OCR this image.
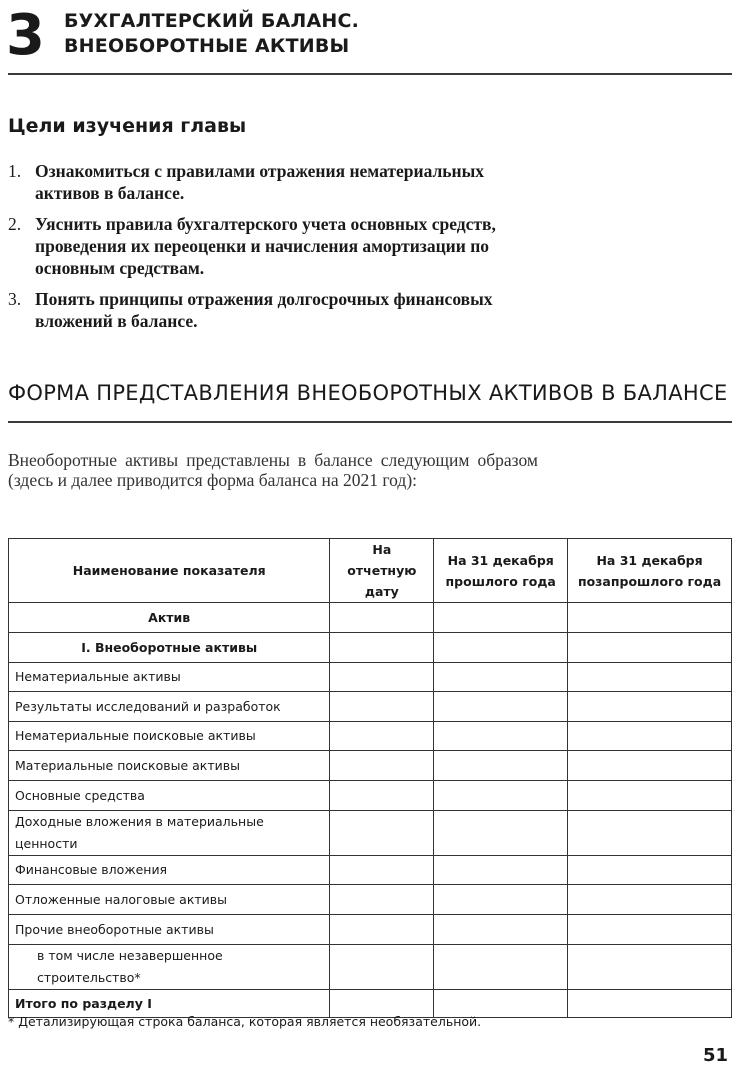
3 БУХГАЛТЕРСКИЙ БАЛАНС.
ВНЕОБОРОТНЫЕ АКТИВЫ
Цели изучения главы
1. Ознакомиться с правилами отражения нематериальных активов в балансе.
2. Уяснить правила бухгалтерского учета основных средств, проведения их переоценки и начисления амортизации по основным средствам.
3. Понять принципы отражения долгосрочных финансовых вложений в балансе.
ФОРМА ПРЕДСТАВЛЕНИЯ ВНЕОБОРОТНЫХ АКТИВОВ В БАЛАНСЕ
Внеоборотные активы представлены в балансе следующим образом (здесь и далее приводится форма баланса на 2021 год):
Наименование показателя	На отчетную дату	На 31 декабря прошлого года	На 31 декабря позапрошлого года
Актив			
I. Внеоборотные активы			
Нематериальные активы			
Результаты исследований и разработок			
Нематериальные поисковые активы			
Материальные поисковые активы			
Основные средства			
Доходные вложения в материальные ценности			
Финансовые вложения			
Отложенные налоговые активы			
Прочие внеоборотные активы			
в том числе незавершенное строительство*			
Итого по разделу I			
* Детализирующая строка баланса, которая является необязательной.
51
